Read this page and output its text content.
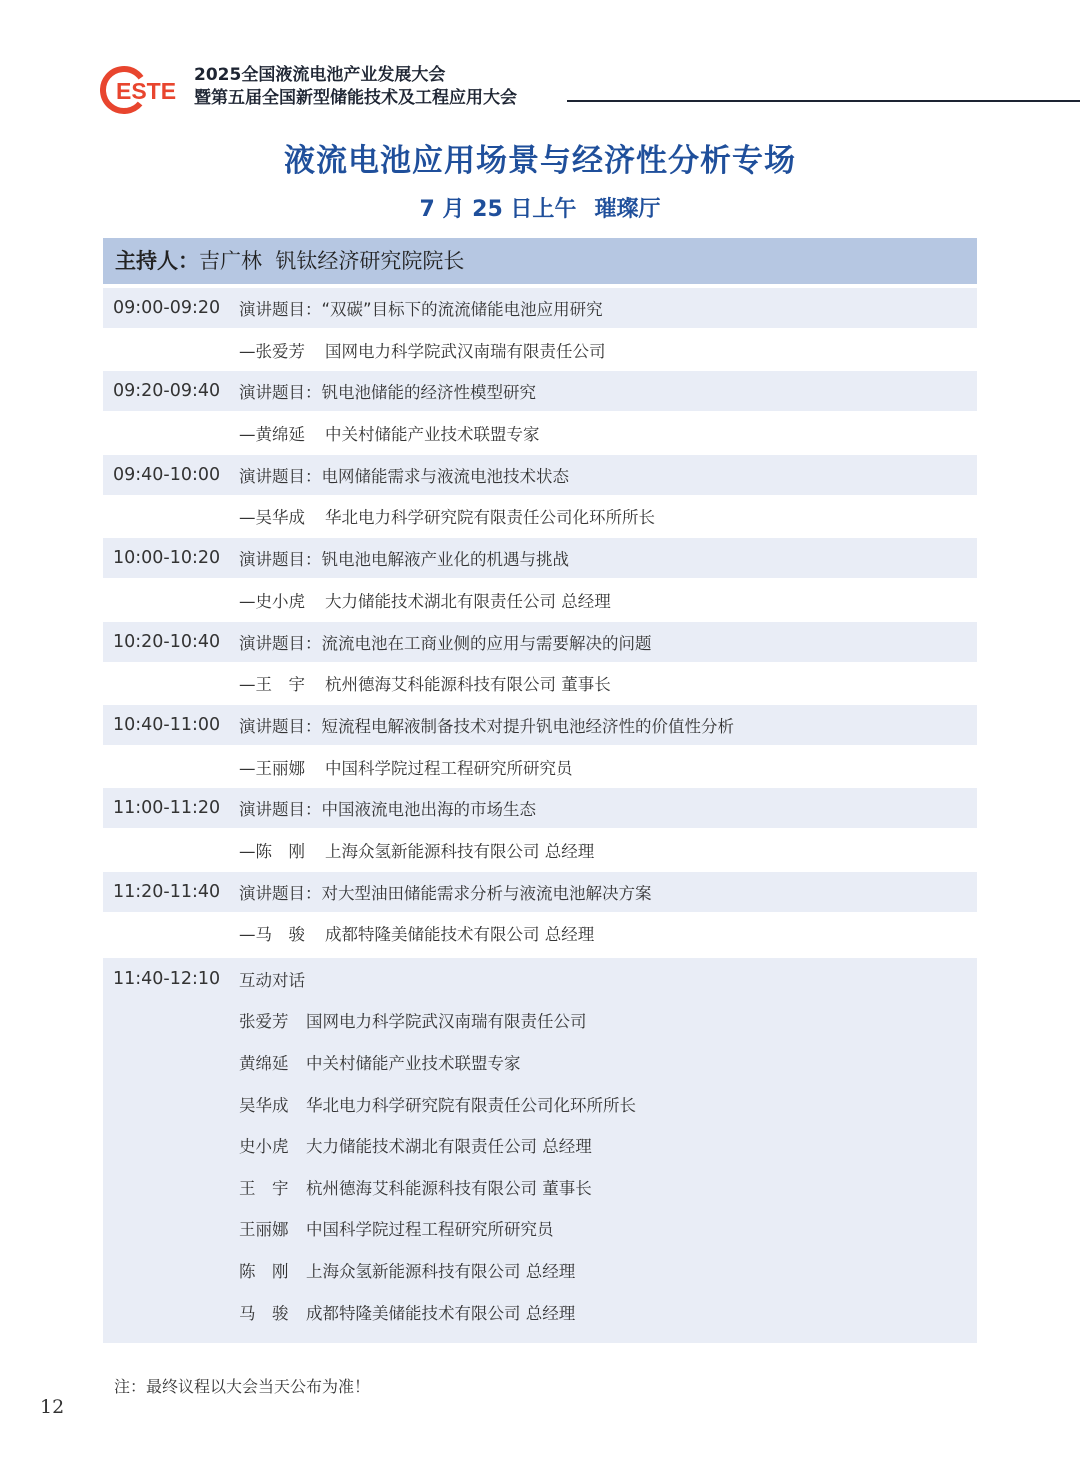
ESTE
2025全国液流电池产业发展大会
暨第五届全国新型储能技术及工程应用大会
液流电池应用场景与经济性分析专场
7 月 25 日上午 璀璨厅
主持人：吉广林 钒钛经济研究院院长
09:00-09:20	演讲题目：“双碳”目标下的流流储能电池应用研究
—张爱芳	国网电力科学院武汉南瑞有限责任公司
09:20-09:40	演讲题目：钒电池储能的经济性模型研究
—黄绵延	中关村储能产业技术联盟专家
09:40-10:00	演讲题目：电网储能需求与液流电池技术状态
—吴华成	华北电力科学研究院有限责任公司化环所所长
10:00-10:20	演讲题目：钒电池电解液产业化的机遇与挑战
—史小虎	大力储能技术湖北有限责任公司 总经理
10:20-10:40	演讲题目：流流电池在工商业侧的应用与需要解决的问题
—王　宇	杭州德海艾科能源科技有限公司 董事长
10:40-11:00	演讲题目：短流程电解液制备技术对提升钒电池经济性的价值性分析
—王丽娜	中国科学院过程工程研究所研究员
11:00-11:20	演讲题目：中国液流电池出海的市场生态
—陈　刚	上海众氢新能源科技有限公司 总经理
11:20-11:40	演讲题目：对大型油田储能需求分析与液流电池解决方案
—马　骏	成都特隆美储能技术有限公司 总经理
11:40-12:10	互动对话
张爱芳	国网电力科学院武汉南瑞有限责任公司
黄绵延	中关村储能产业技术联盟专家
吴华成	华北电力科学研究院有限责任公司化环所所长
史小虎	大力储能技术湖北有限责任公司 总经理
王　宇	杭州德海艾科能源科技有限公司 董事长
王丽娜	中国科学院过程工程研究所研究员
陈　刚	上海众氢新能源科技有限公司 总经理
马　骏	成都特隆美储能技术有限公司 总经理
注：最终议程以大会当天公布为准！
12
